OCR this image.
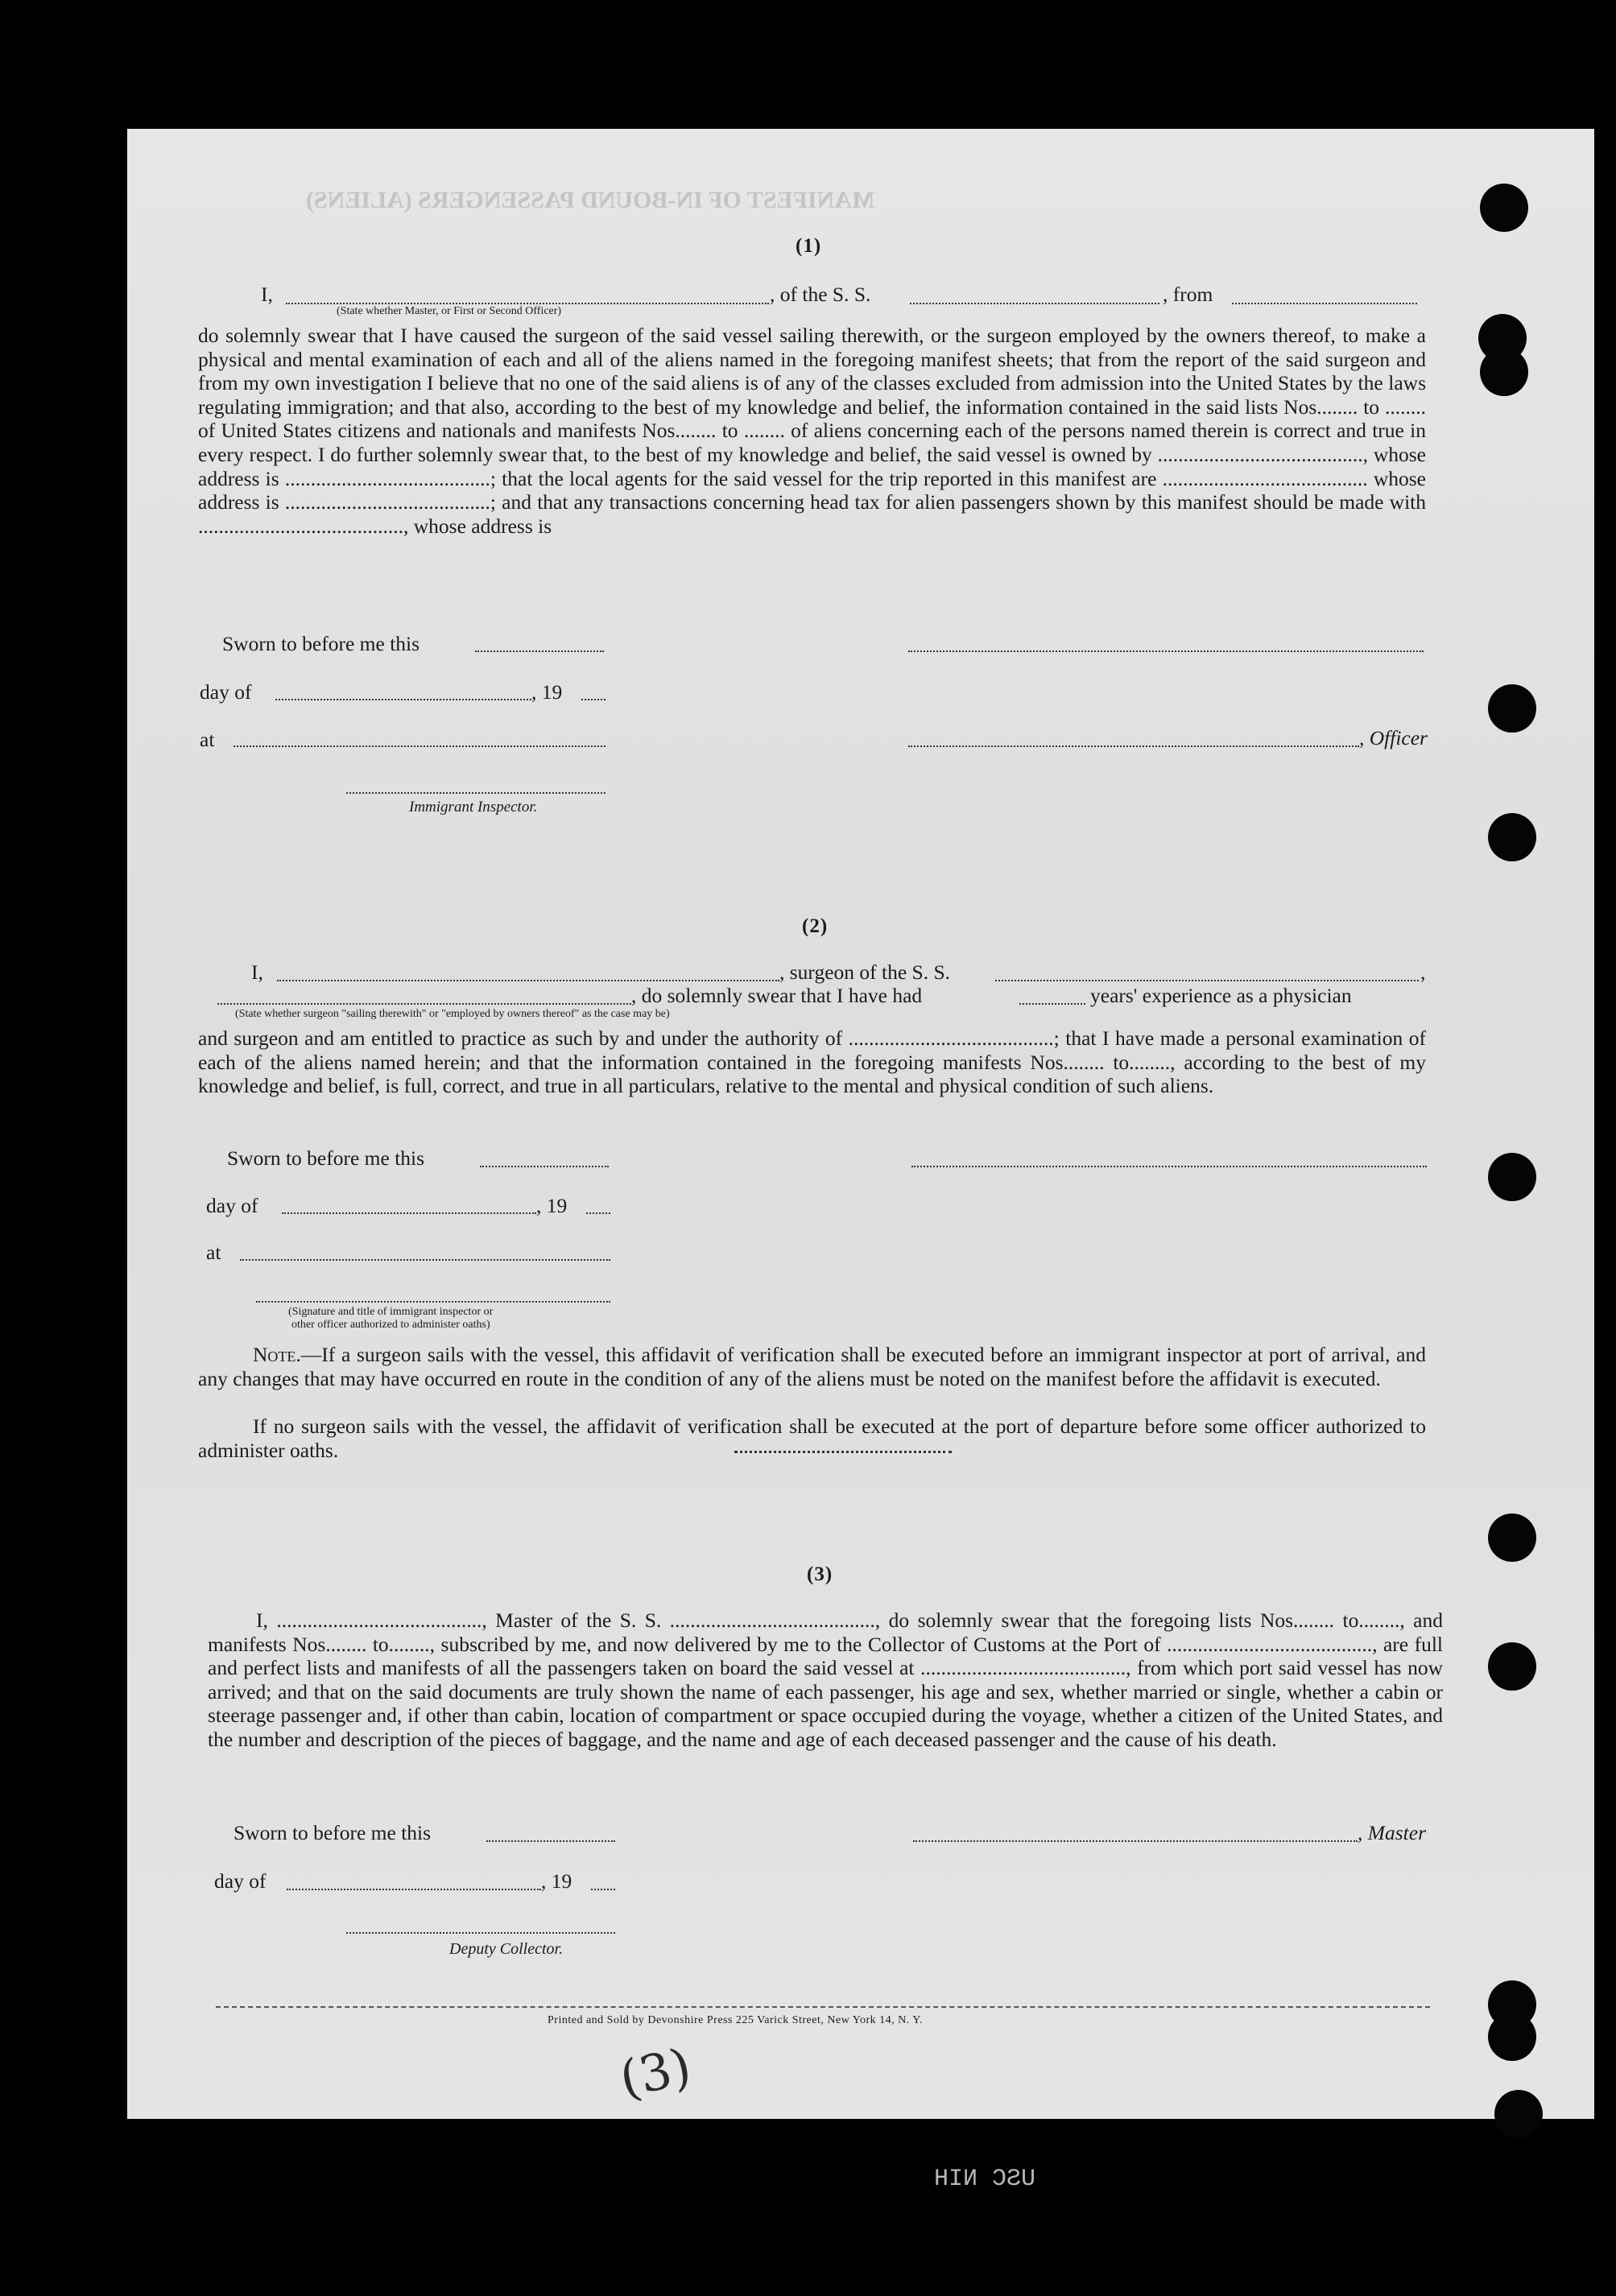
MANIFEST OF IN-BOUND PASSENGERS (ALIENS)
USC NIH
(1)
I,	, of the S. S.	, from
(State whether Master, or First or Second Officer)
do solemnly swear that I have caused the surgeon of the said vessel sailing therewith, or the surgeon employed by the owners thereof, to make a physical and mental examination of each and all of the aliens named in the foregoing manifest sheets; that from the report of the said surgeon and from my own investigation I believe that no one of the said aliens is of any of the classes excluded from admission into the United States by the laws regulating immigration; and that also, according to the best of my knowledge and belief, the information contained in the said lists Nos........ to ........ of United States citizens and nationals and manifests Nos........ to ........ of aliens concerning each of the persons named therein is correct and true in every respect. I do further solemnly swear that, to the best of my knowledge and belief, the said vessel is owned by ........................................, whose address is ........................................; that the local agents for the said vessel for the trip reported in this manifest are ........................................ whose address is ........................................; and that any transactions concerning head tax for alien passengers shown by this manifest should be made with ........................................, whose address is
Sworn to before me this
day of	, 19
at	, Officer
Immigrant Inspector.
(2)
I,	, surgeon of the S. S.	,
, do solemnly swear that I have had	years' experience as a physician
(State whether surgeon "sailing therewith" or "employed by owners thereof" as the case may be)
and surgeon and am entitled to practice as such by and under the authority of ........................................; that I have made a personal examination of each of the aliens named herein; and that the information contained in the foregoing manifests Nos........ to........, according to the best of my knowledge and belief, is full, correct, and true in all particulars, relative to the mental and physical condition of such aliens.
Sworn to before me this
day of	, 19
at
(Signature and title of immigrant inspector or
other officer authorized to administer oaths)
Note.—If a surgeon sails with the vessel, this affidavit of verification shall be executed before an immigrant inspector at port of arrival, and any changes that may have occurred en route in the condition of any of the aliens must be noted on the manifest before the affidavit is executed.
If no surgeon sails with the vessel, the affidavit of verification shall be executed at the port of departure before some officer authorized to administer oaths.
(3)
I, ........................................, Master of the S. S. ........................................, do solemnly swear that the foregoing lists Nos........ to........, and manifests Nos........ to........, subscribed by me, and now delivered by me to the Collector of Customs at the Port of ........................................, are full and perfect lists and manifests of all the passengers taken on board the said vessel at ........................................, from which port said vessel has now arrived; and that on the said documents are truly shown the name of each passenger, his age and sex, whether married or single, whether a cabin or steerage passenger and, if other than cabin, location of compartment or space occupied during the voyage, whether a citizen of the United States, and the number and description of the pieces of baggage, and the name and age of each deceased passenger and the cause of his death.
Sworn to before me this	, Master
day of	, 19
Deputy Collector.
Printed and Sold by Devonshire Press 225 Varick Street, New York 14, N. Y.
(3)
